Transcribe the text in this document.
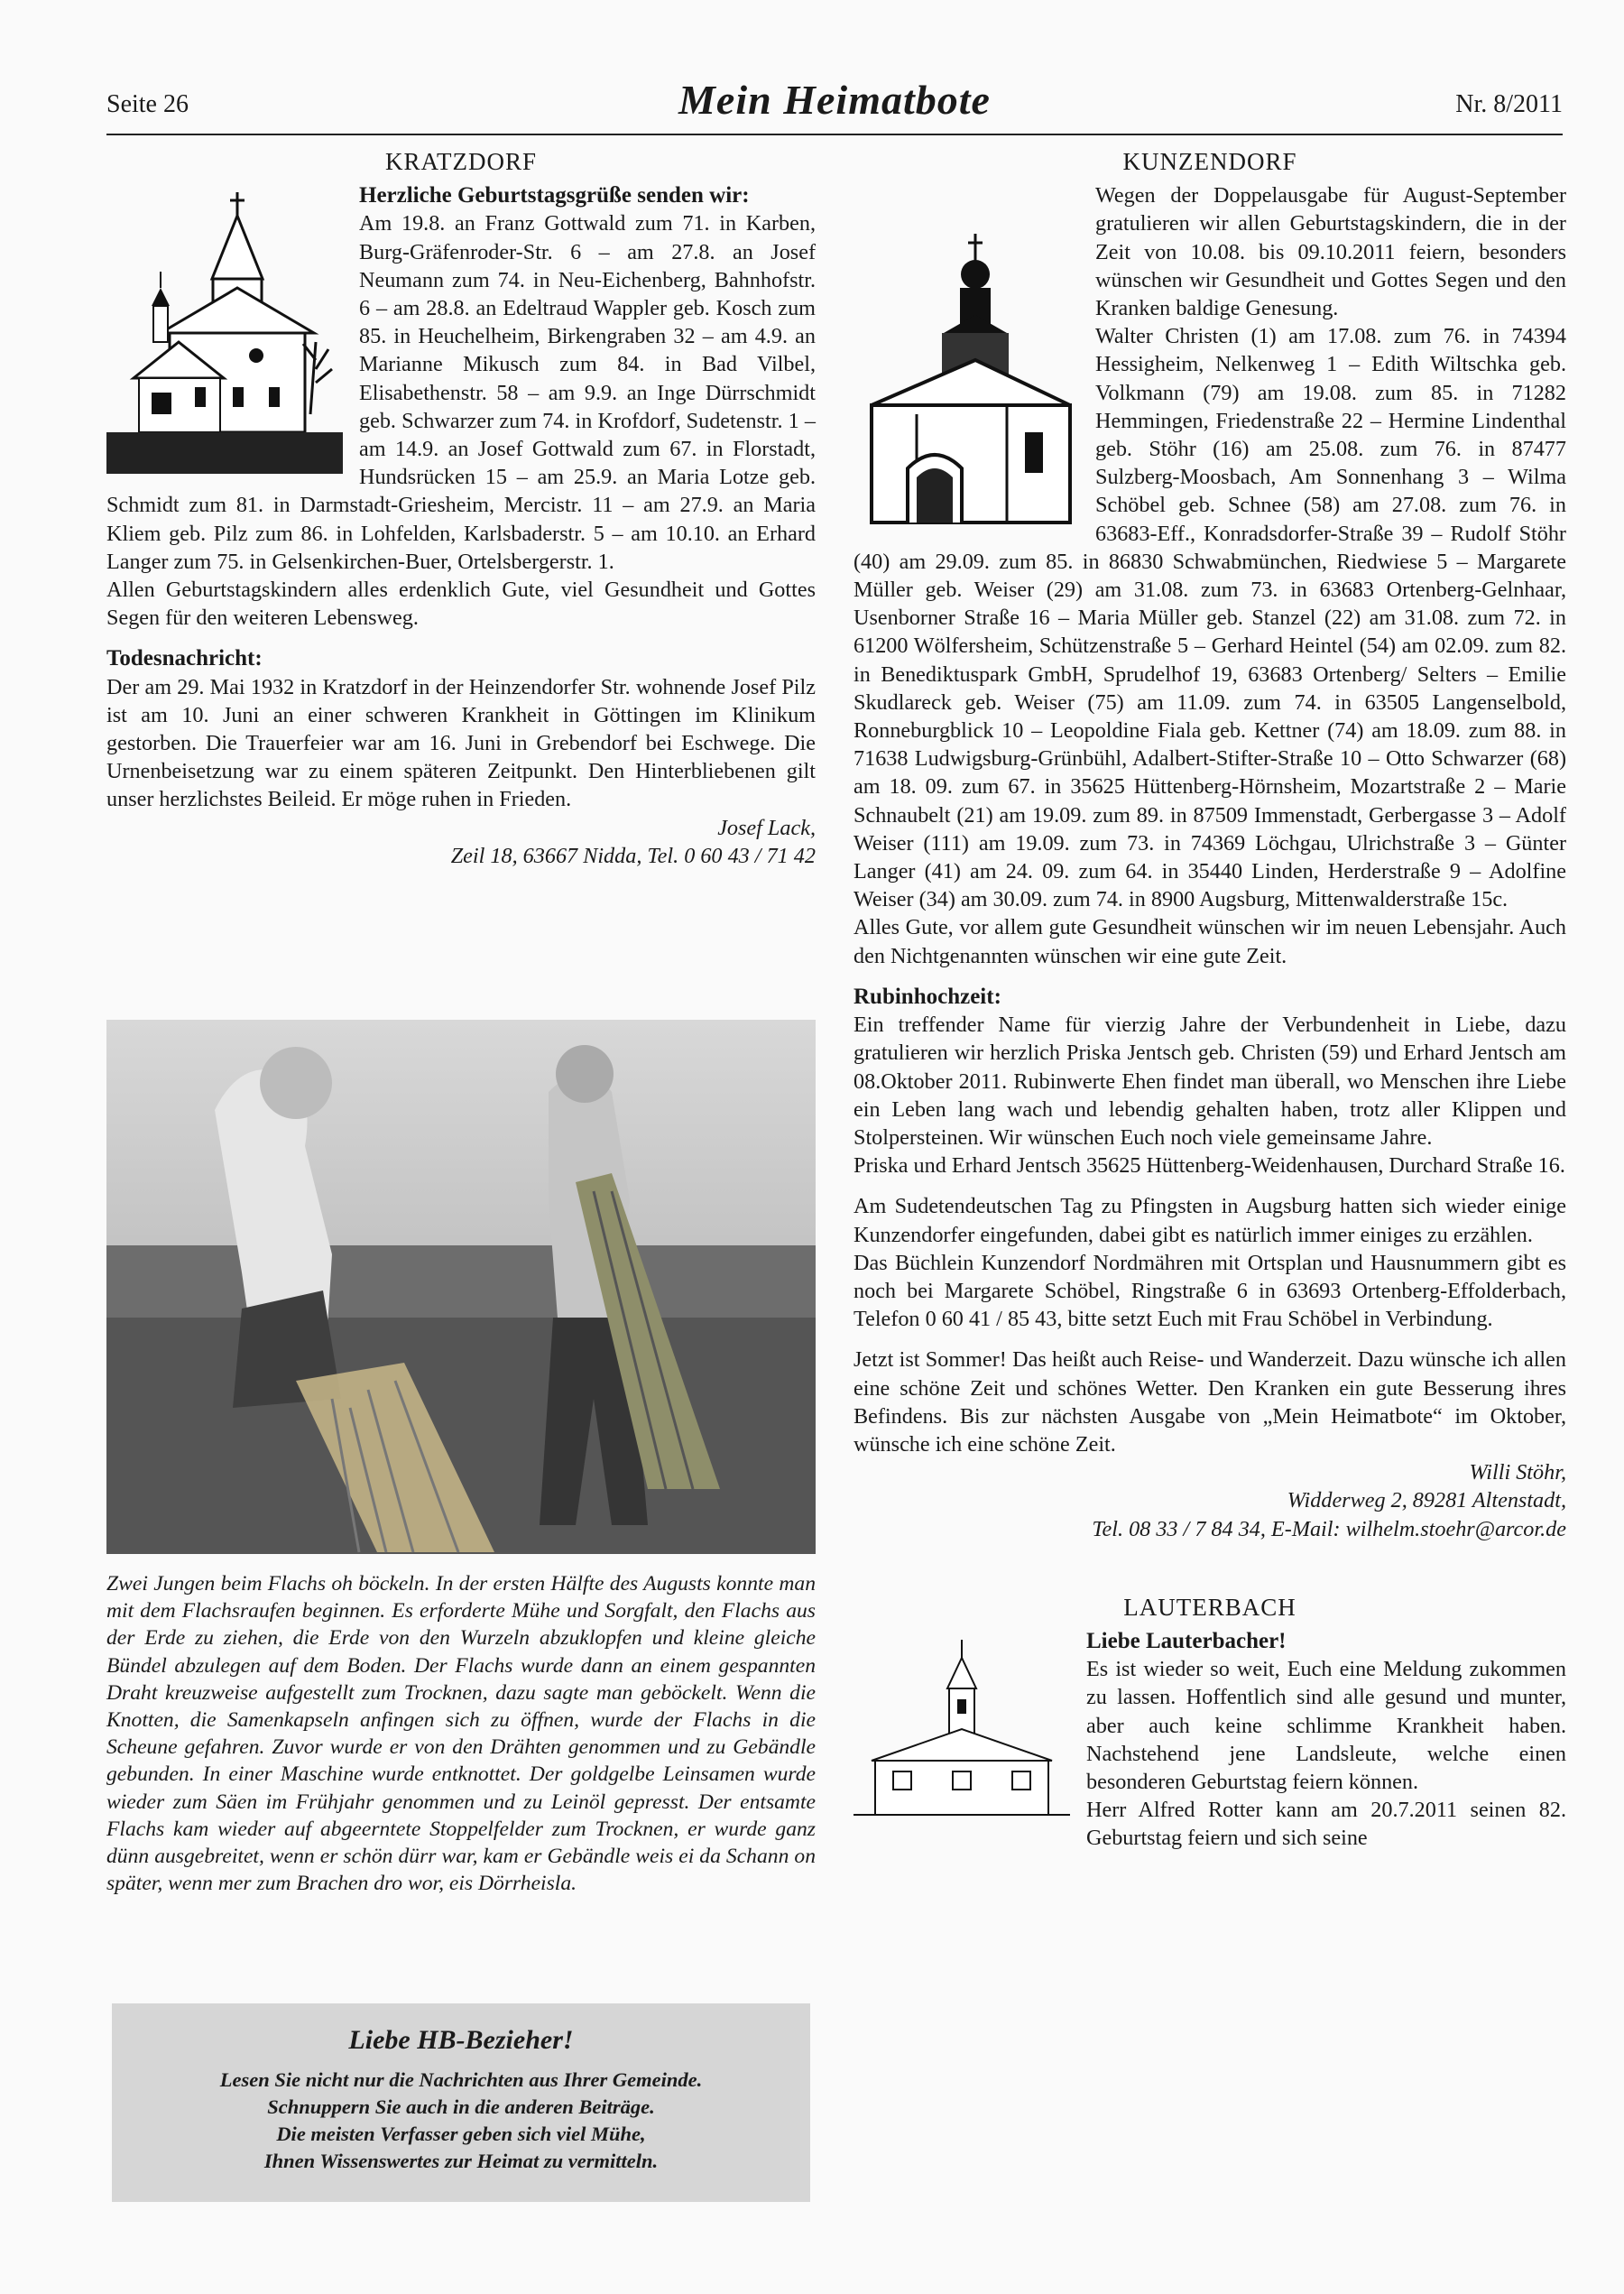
Seite 26	Mein Heimatbote	Nr. 8/2011
KRATZDORF

Herzliche Geburtstagsgrüße senden wir:

Am 19.8. an Franz Gottwald zum 71. in Karben, Burg-Gräfenroder-Str. 6 – am 27.8. an Josef Neumann zum 74. in Neu-Eichenberg, Bahnhofstr. 6 – am 28.8. an Edeltraud Wappler geb. Kosch zum 85. in Heuchelheim, Birkengraben 32 – am 4.9. an Marianne Mikusch zum 84. in Bad Vilbel, Elisabethenstr. 58 – am 9.9. an Inge Dürrschmidt geb. Schwarzer zum 74. in Krofdorf, Sudetenstr. 1 – am 14.9. an Josef Gottwald zum 67. in Florstadt, Hundsrücken 15 – am 25.9. an Maria Lotze geb. Schmidt zum 81. in Darmstadt-Griesheim, Mercistr. 11 – am 27.9. an Maria Kliem geb. Pilz zum 86. in Lohfelden, Karlsbaderstr. 5 – am 10.10. an Erhard Langer zum 75. in Gelsenkirchen-Buer, Ortelsbergerstr. 1.

Allen Geburtstagskindern alles erdenklich Gute, viel Gesundheit und Gottes Segen für den weiteren Lebensweg.

Todesnachricht:

Der am 29. Mai 1932 in Kratzdorf in der Heinzendorfer Str. wohnende Josef Pilz ist am 10. Juni an einer schweren Krankheit in Göttingen im Klinikum gestorben. Die Trauerfeier war am 16. Juni in Grebendorf bei Eschwege. Die Urnenbeisetzung war zu einem späteren Zeitpunkt. Den Hinterbliebenen gilt unser herzlichstes Beileid. Er möge ruhen in Frieden.

Josef Lack,

Zeil 18, 63667 Nidda, Tel. 0 60 43 / 71 42

Zwei Jungen beim Flachs oh böckeln. In der ersten Hälfte des Augusts konnte man mit dem Flachsraufen beginnen. Es erforderte Mühe und Sorgfalt, den Flachs aus der Erde zu ziehen, die Erde von den Wurzeln abzuklopfen und kleine gleiche Bündel abzulegen auf dem Boden. Der Flachs wurde dann an einem gespannten Draht kreuzweise aufgestellt zum Trocknen, dazu sagte man geböckelt. Wenn die Knotten, die Samenkapseln anfingen sich zu öffnen, wurde der Flachs in die Scheune gefahren. Zuvor wurde er von den Drähten genommen und zu Gebändle gebunden. In einer Maschine wurde entknottet. Der goldgelbe Leinsamen wurde wieder zum Säen im Frühjahr genommen und zu Leinöl gepresst. Der entsamte Flachs kam wieder auf abgeerntete Stoppelfelder zum Trocknen, er wurde ganz dünn ausgebreitet, wenn er schön dürr war, kam er Gebändle weis ei da Schann on später, wenn mer zum Brachen dro wor, eis Dörrheisla.

Liebe HB-Bezieher!
Lesen Sie nicht nur die Nachrichten aus Ihrer Gemeinde.
Schnuppern Sie auch in die anderen Beiträge.
Die meisten Verfasser geben sich viel Mühe,
Ihnen Wissenswertes zur Heimat zu vermitteln.
KUNZENDORF

Wegen der Doppelausgabe für August-September gratulieren wir allen Geburtstagskindern, die in der Zeit von 10.08. bis 09.10.2011 feiern, besonders wünschen wir Gesundheit und Gottes Segen und den Kranken baldige Genesung.

Walter Christen (1) am 17.08. zum 76. in 74394 Hessigheim, Nelkenweg 1 – Edith Wiltschka geb. Volkmann (79) am 19.08. zum 85. in 71282 Hemmingen, Friedenstraße 22 – Hermine Lindenthal geb. Stöhr (16) am 25.08. zum 76. in 87477 Sulzberg-Moosbach, Am Sonnenhang 3 – Wilma Schöbel geb. Schnee (58) am 27.08. zum 76. in 63683-Eff., Konradsdorfer-Straße 39 – Rudolf Stöhr (40) am 29.09. zum 85. in 86830 Schwabmünchen, Riedwiese 5 – Margarete Müller geb. Weiser (29) am 31.08. zum 73. in 63683 Ortenberg-Gelnhaar, Usenborner Straße 16 – Maria Müller geb. Stanzel (22) am 31.08. zum 72. in 61200 Wölfersheim, Schützenstraße 5 – Gerhard Heintel (54) am 02.09. zum 82. in Benediktuspark GmbH, Sprudelhof 19, 63683 Ortenberg/ Selters – Emilie Skudlareck geb. Weiser (75) am 11.09. zum 74. in 63505 Langenselbold, Ronneburgblick 10 – Leopoldine Fiala geb. Kettner (74) am 18.09. zum 88. in 71638 Ludwigsburg-Grünbühl, Adalbert-Stifter-Straße 10 – Otto Schwarzer (68) am 18. 09. zum 67. in 35625 Hüttenberg-Hörnsheim, Mozartstraße 2 – Marie Schnaubelt (21) am 19.09. zum 89. in 87509 Immenstadt, Gerbergasse 3 – Adolf Weiser (111) am 19.09. zum 73. in 74369 Löchgau, Ulrichstraße 3 – Günter Langer (41) am 24. 09. zum 64. in 35440 Linden, Herderstraße 9 – Adolfine Weiser (34) am 30.09. zum 74. in 8900 Augsburg, Mittenwalderstraße 15c.

Alles Gute, vor allem gute Gesundheit wünschen wir im neuen Lebensjahr. Auch den Nichtgenannten wünschen wir eine gute Zeit.

Rubinhochzeit:

Ein treffender Name für vierzig Jahre der Verbundenheit in Liebe, dazu gratulieren wir herzlich Priska Jentsch geb. Christen (59) und Erhard Jentsch am 08.Oktober 2011. Rubinwerte Ehen findet man überall, wo Menschen ihre Liebe ein Leben lang wach und lebendig gehalten haben, trotz aller Klippen und Stolpersteinen. Wir wünschen Euch noch viele gemeinsame Jahre.

Priska und Erhard Jentsch 35625 Hüttenberg-Weidenhausen, Durchard Straße 16.

Am Sudetendeutschen Tag zu Pfingsten in Augsburg hatten sich wieder einige Kunzendorfer eingefunden, dabei gibt es natürlich immer einiges zu erzählen.

Das Büchlein Kunzendorf Nordmähren mit Ortsplan und Hausnummern gibt es noch bei Margarete Schöbel, Ringstraße 6 in 63693 Ortenberg-Effolderbach, Telefon 0 60 41 / 85 43, bitte setzt Euch mit Frau Schöbel in Verbindung.

Jetzt ist Sommer! Das heißt auch Reise- und Wanderzeit. Dazu wünsche ich allen eine schöne Zeit und schönes Wetter. Den Kranken ein gute Besserung ihres Befindens. Bis zur nächsten Ausgabe von „Mein Heimatbote“ im Oktober, wünsche ich eine schöne Zeit.

Willi Stöhr,

Widderweg 2, 89281 Altenstadt,

Tel. 08 33 / 7 84 34, E-Mail: wilhelm.stoehr@arcor.de

LAUTERBACH

Liebe Lauterbacher!

Es ist wieder so weit, Euch eine Meldung zukommen zu lassen. Hoffentlich sind alle gesund und munter, aber auch keine schlimme Krankheit haben. Nachstehend jene Landsleute, welche einen besonderen Geburtstag feiern können.

Herr Alfred Rotter kann am 20.7.2011 seinen 82. Geburtstag feiern und sich seine
